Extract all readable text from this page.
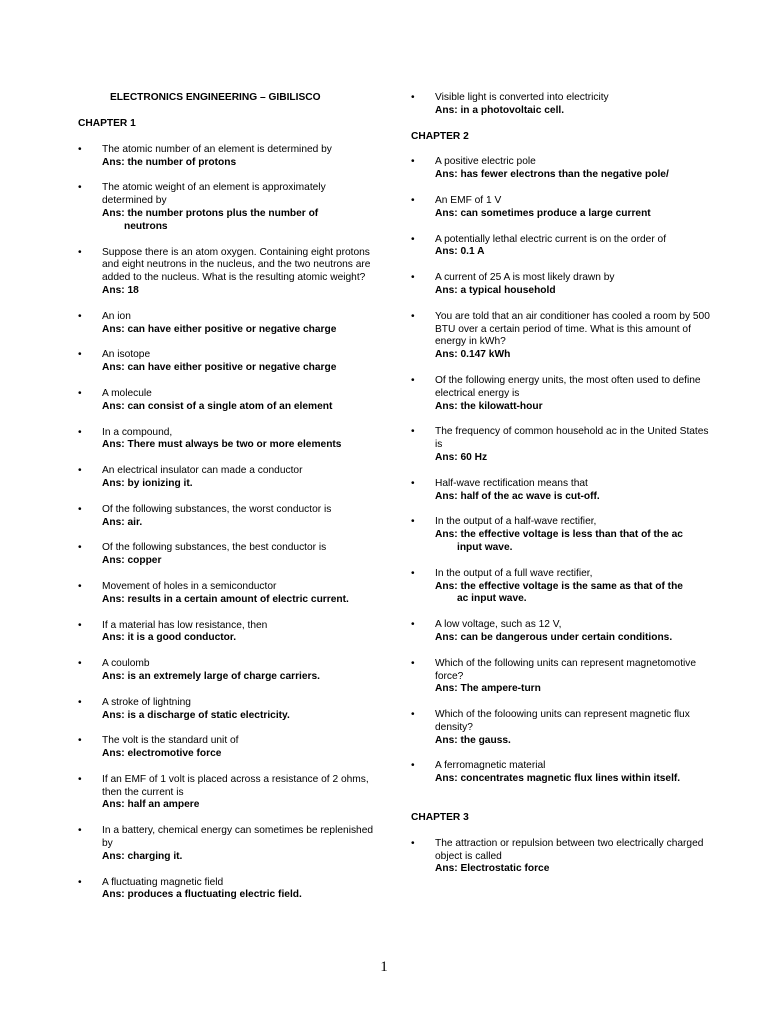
ELECTRONICS ENGINEERING – GIBILISCO
CHAPTER 1
• The atomic number of an element is determined by
Ans: the number of protons
• The atomic weight of an element is approximately determined by
Ans: the number protons plus the number of
neutrons
• Suppose there is an atom oxygen. Containing eight protons and eight neutrons in the nucleus, and the two neutrons are added to the nucleus. What is the resulting atomic weight?
Ans: 18
• An ion
Ans: can have either positive or negative charge
• An isotope
Ans: can have either positive or negative charge
• A molecule
Ans: can consist of a single atom of an element
• In a compound,
Ans: There must always be two or more elements
• An electrical insulator can made a conductor
Ans: by ionizing it.
• Of the following substances, the worst conductor is
Ans: air.
• Of the following substances, the best conductor is
Ans: copper
• Movement of holes in a semiconductor
Ans: results in a certain amount of electric current.
• If a material has low resistance, then
Ans: it is a good conductor.
• A coulomb
Ans: is an extremely large of charge carriers.
• A stroke of lightning
Ans: is a discharge of static electricity.
• The volt is the standard unit of
Ans: electromotive force
• If an EMF of 1 volt is placed across a resistance of 2 ohms, then the current is
Ans: half an ampere
• In a battery, chemical energy can sometimes be replenished by
Ans: charging it.
• A fluctuating magnetic field
Ans: produces a fluctuating electric field.
• Visible light is converted into electricity
Ans: in a photovoltaic cell.
CHAPTER 2
• A positive electric pole
Ans: has fewer electrons than the negative pole/
• An EMF of 1 V
Ans: can sometimes produce a large current
• A potentially lethal electric current is on the order of
Ans: 0.1 A
• A current of 25 A is most likely drawn by
Ans: a typical household
• You are told that an air conditioner has cooled a room by 500 BTU over a certain period of time. What is this amount of energy in kWh?
Ans: 0.147 kWh
• Of the following energy units, the most often used to define electrical energy is
Ans: the kilowatt-hour
• The frequency of common household ac in the United States is
Ans: 60 Hz
• Half-wave rectification means that
Ans: half of the ac wave is cut-off.
• In the output of a half-wave rectifier,
Ans: the effective voltage is less than that of the ac
input wave.
• In the output of a full wave rectifier,
Ans: the effective voltage is the same as that of the
ac input wave.
• A low voltage, such as 12 V,
Ans: can be dangerous under certain conditions.
• Which of the following units can represent magnetomotive force?
Ans: The ampere-turn
• Which of the foloowing units can represent magnetic flux density?
Ans: the gauss.
• A ferromagnetic material
Ans: concentrates magnetic flux lines within itself.
CHAPTER 3
• The attraction or repulsion between two electrically charged object is called
Ans: Electrostatic force
1
